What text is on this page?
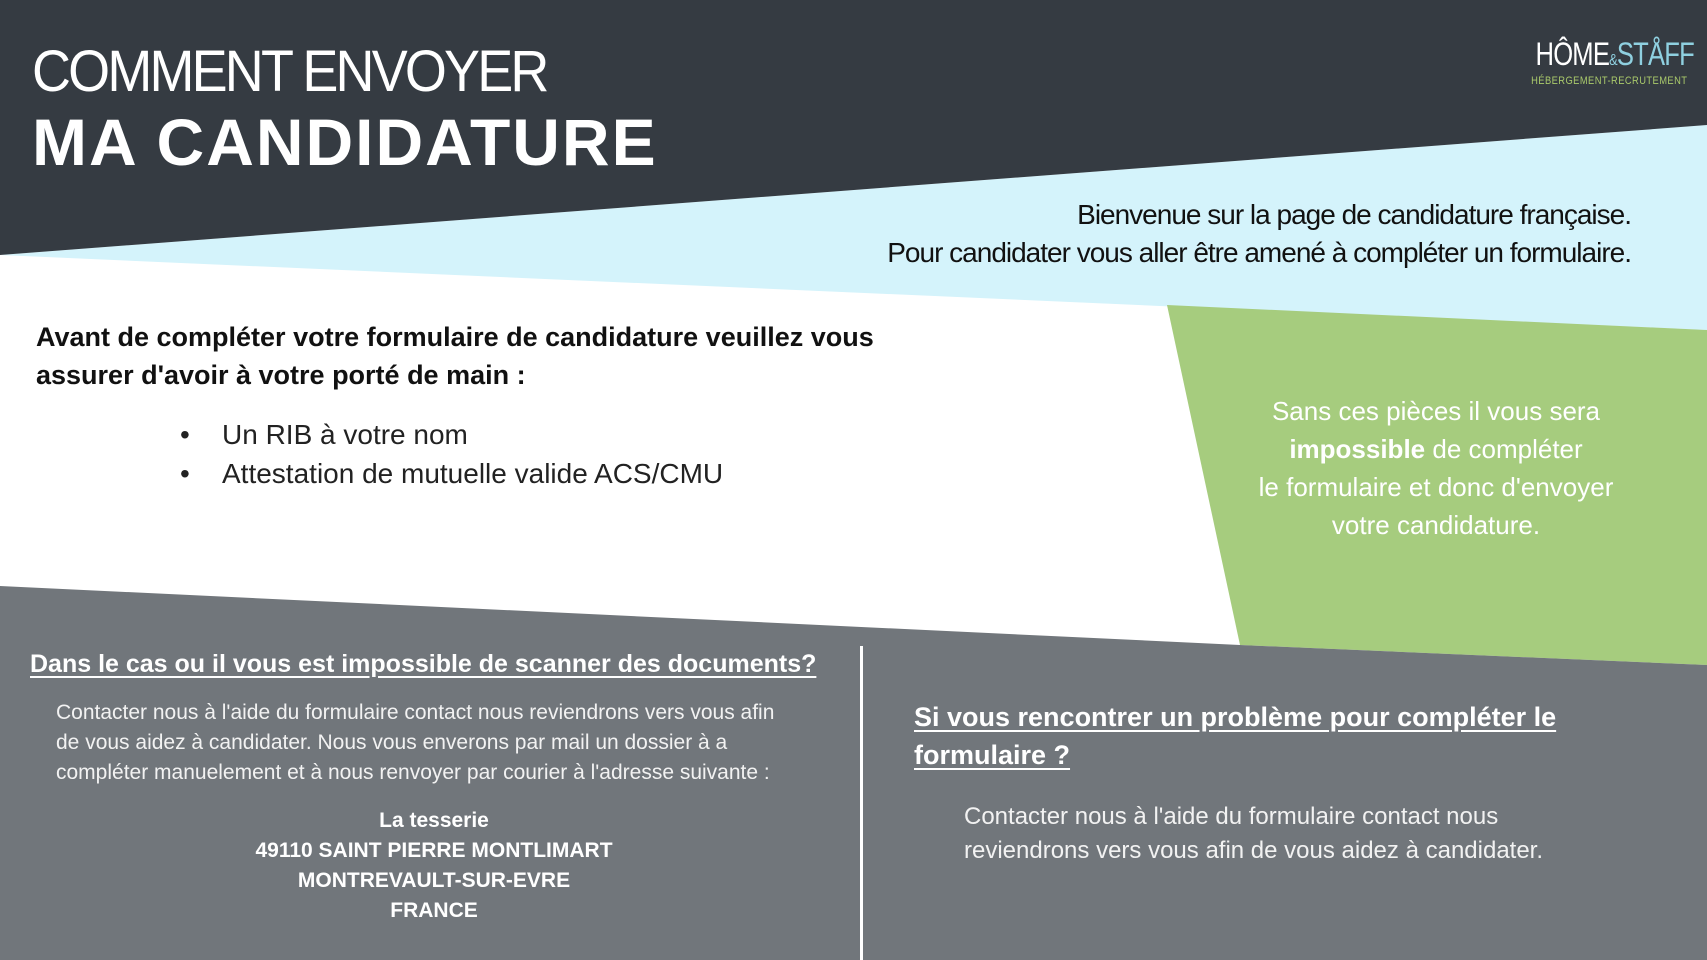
COMMENT ENVOYER
MA CANDIDATURE
HÔME&STÅFF
HÉBERGEMENT-RECRUTEMENT
Bienvenue sur la page de candidature française.
Pour candidater vous aller être amené à compléter un formulaire.
Avant de compléter votre formulaire de candidature veuillez vous
assurer d'avoir à votre porté de main :
• Un RIB à votre nom
• Attestation de mutuelle valide ACS/CMU
Sans ces pièces il vous sera
impossible de compléter
le formulaire et donc d'envoyer
votre candidature.
Dans le cas ou il vous est impossible de scanner des documents?
Contacter nous à l'aide du formulaire contact nous reviendrons vers vous afin
de vous aidez à candidater. Nous vous enverons par mail un dossier à a
compléter manuelement et à nous renvoyer par courier à l'adresse suivante :
La tesserie
49110 SAINT PIERRE MONTLIMART
MONTREVAULT-SUR-EVRE
FRANCE
Si vous rencontrer un problème pour compléter le
formulaire ?
Contacter nous à l'aide du formulaire contact nous
reviendrons vers vous afin de vous aidez à candidater.
